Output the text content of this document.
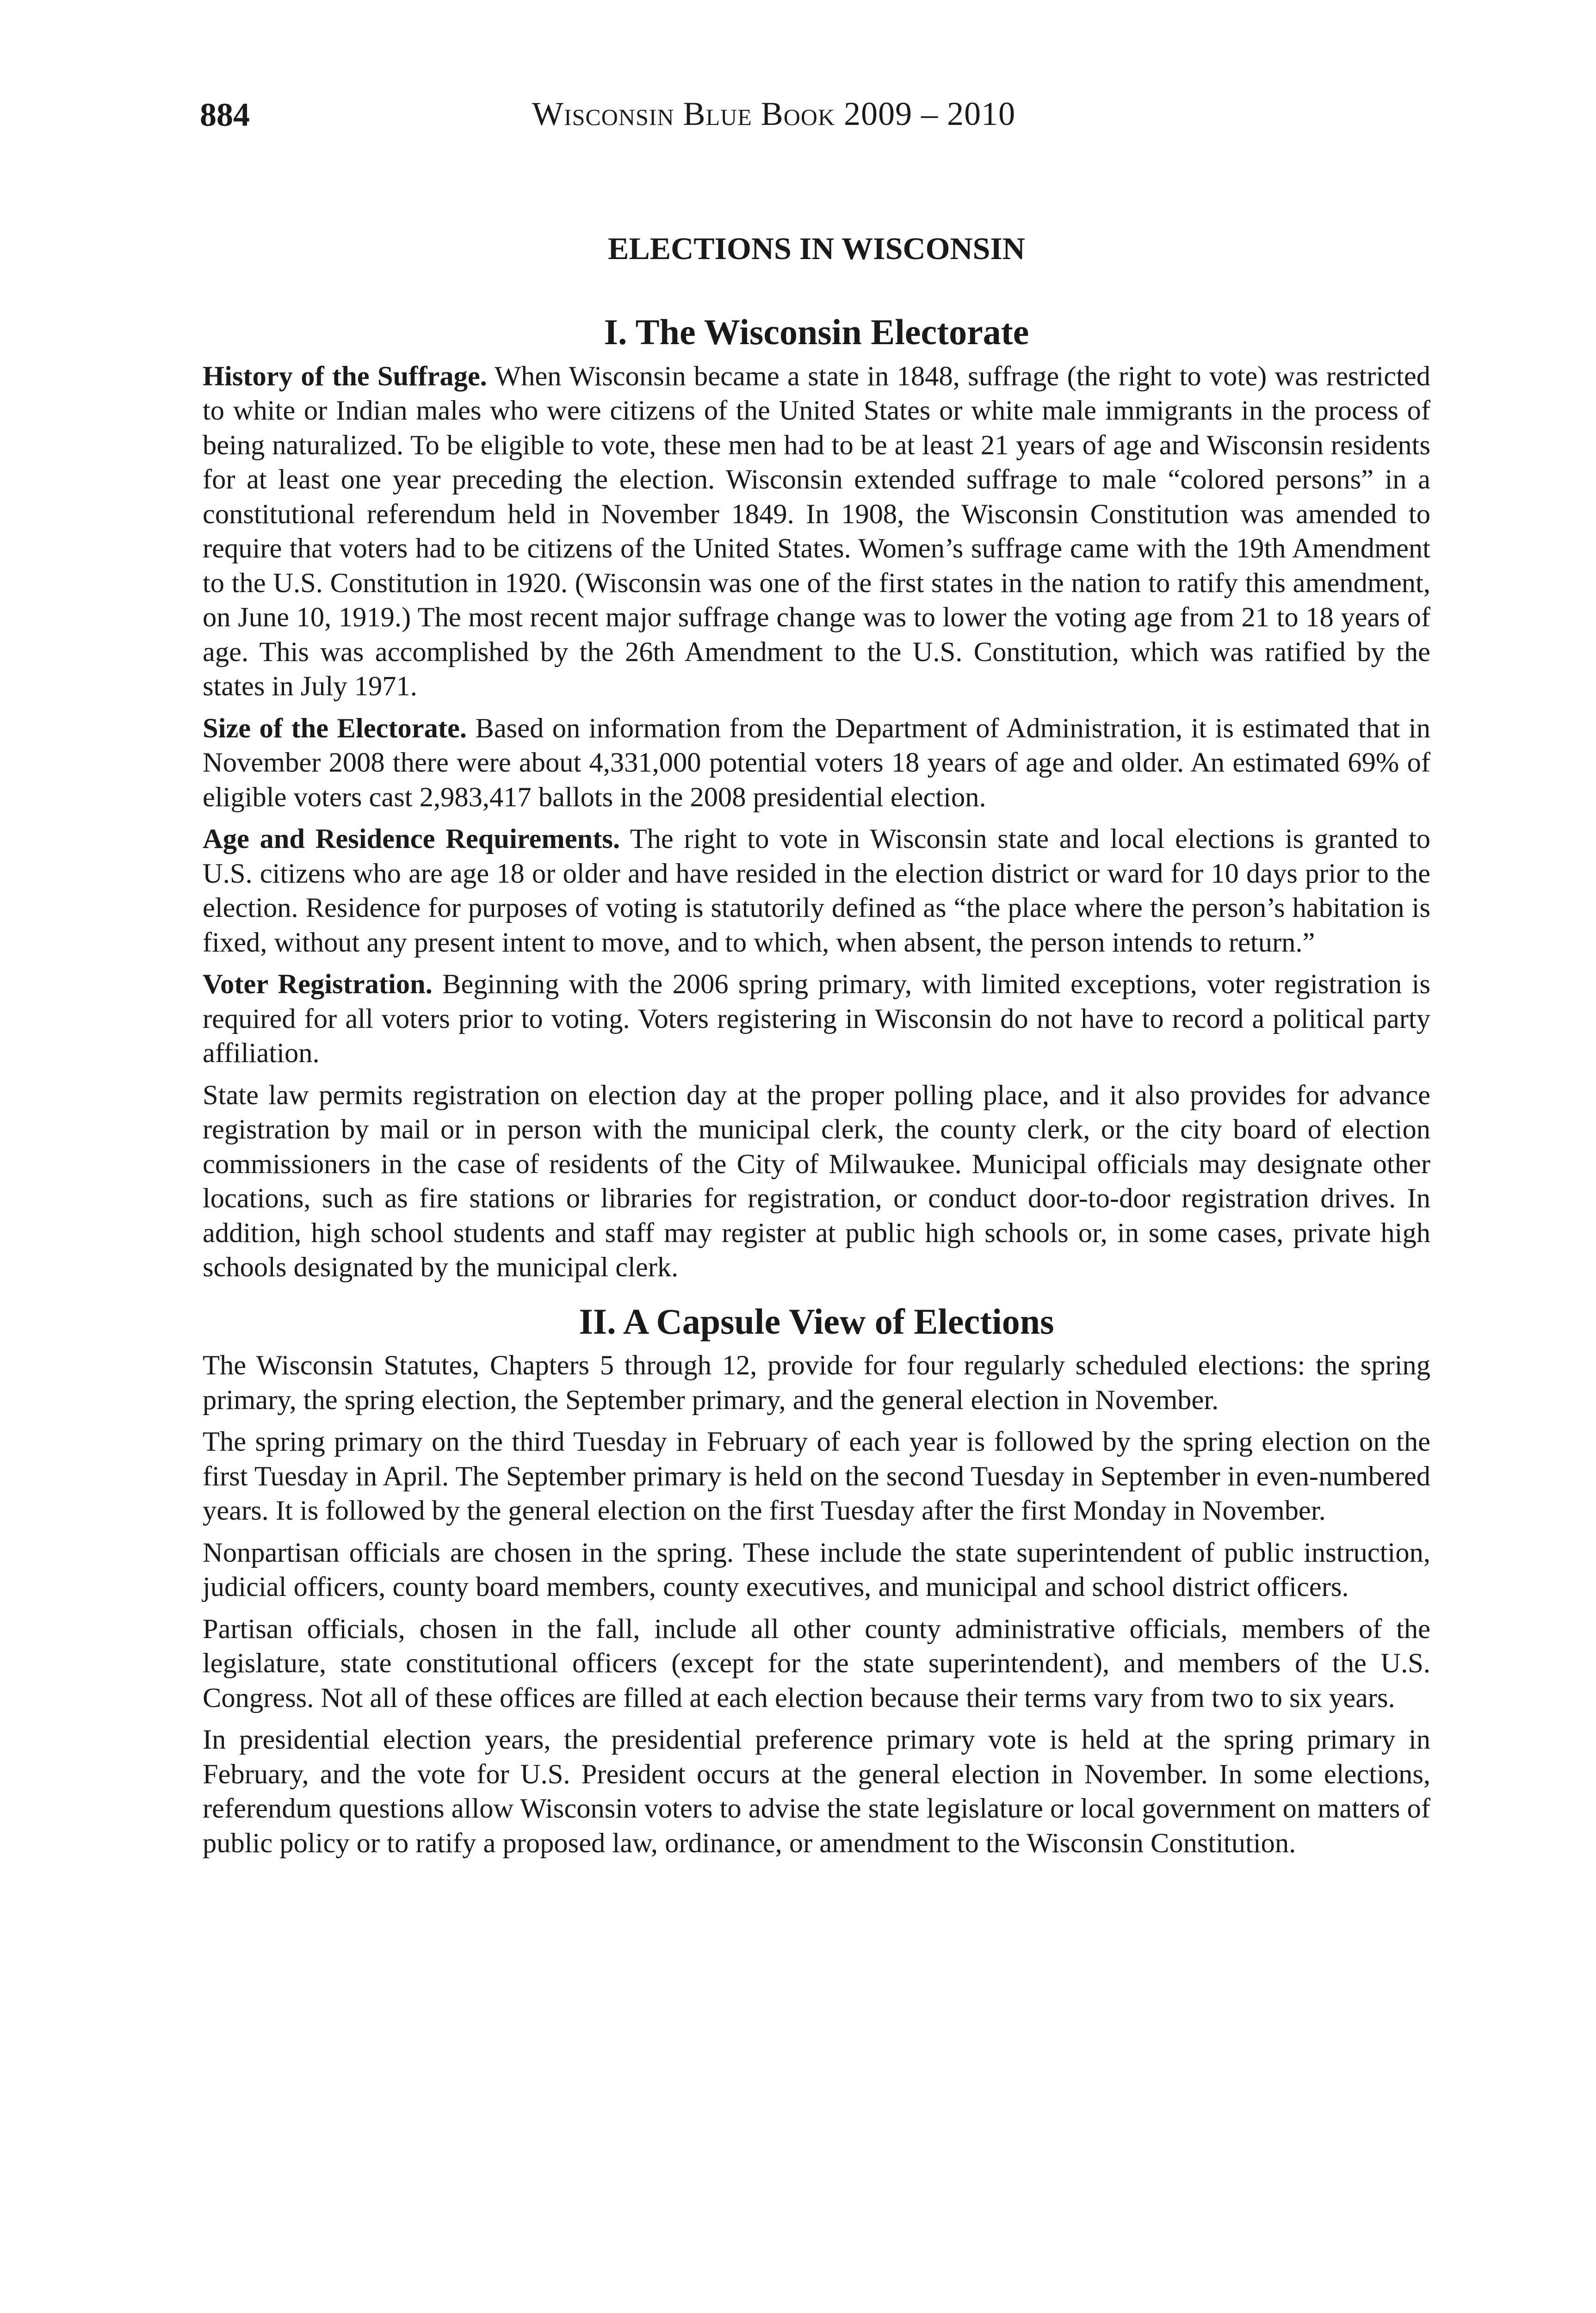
884	Wisconsin Blue Book 2009 – 2010
ELECTIONS IN WISCONSIN
I. The Wisconsin Electorate

History of the Suffrage. When Wisconsin became a state in 1848, suffrage (the right to vote) was restricted to white or Indian males who were citizens of the United States or white male immigrants in the process of being naturalized. To be eligible to vote, these men had to be at least 21 years of age and Wisconsin residents for at least one year preceding the election. Wisconsin extended suffrage to male “colored persons” in a constitutional referendum held in November 1849. In 1908, the Wisconsin Constitution was amended to require that voters had to be citizens of the United States. Women’s suffrage came with the 19th Amendment to the U.S. Constitution in 1920. (Wisconsin was one of the first states in the nation to ratify this amendment, on June 10, 1919.) The most recent major suffrage change was to lower the voting age from 21 to 18 years of age. This was accomplished by the 26th Amendment to the U.S. Constitution, which was ratified by the states in July 1971.

Size of the Electorate. Based on information from the Department of Administration, it is estimated that in November 2008 there were about 4,331,000 potential voters 18 years of age and older. An estimated 69% of eligible voters cast 2,983,417 ballots in the 2008 presidential election.

Age and Residence Requirements. The right to vote in Wisconsin state and local elections is granted to U.S. citizens who are age 18 or older and have resided in the election district or ward for 10 days prior to the election. Residence for purposes of voting is statutorily defined as “the place where the person’s habitation is fixed, without any present intent to move, and to which, when absent, the person intends to return.”

Voter Registration. Beginning with the 2006 spring primary, with limited exceptions, voter registration is required for all voters prior to voting. Voters registering in Wisconsin do not have to record a political party affiliation.

State law permits registration on election day at the proper polling place, and it also provides for advance registration by mail or in person with the municipal clerk, the county clerk, or the city board of election commissioners in the case of residents of the City of Milwaukee. Municipal officials may designate other locations, such as fire stations or libraries for registration, or conduct door-to-door registration drives. In addition, high school students and staff may register at public high schools or, in some cases, private high schools designated by the municipal clerk.

II. A Capsule View of Elections

The Wisconsin Statutes, Chapters 5 through 12, provide for four regularly scheduled elections: the spring primary, the spring election, the September primary, and the general election in November.

The spring primary on the third Tuesday in February of each year is followed by the spring election on the first Tuesday in April. The September primary is held on the second Tuesday in September in even-numbered years. It is followed by the general election on the first Tuesday after the first Monday in November.

Nonpartisan officials are chosen in the spring. These include the state superintendent of public instruction, judicial officers, county board members, county executives, and municipal and school district officers.

Partisan officials, chosen in the fall, include all other county administrative officials, members of the legislature, state constitutional officers (except for the state superintendent), and members of the U.S. Congress. Not all of these offices are filled at each election because their terms vary from two to six years.

In presidential election years, the presidential preference primary vote is held at the spring primary in February, and the vote for U.S. President occurs at the general election in November. In some elections, referendum questions allow Wisconsin voters to advise the state legislature or local government on matters of public policy or to ratify a proposed law, ordinance, or amendment to the Wisconsin Constitution.
